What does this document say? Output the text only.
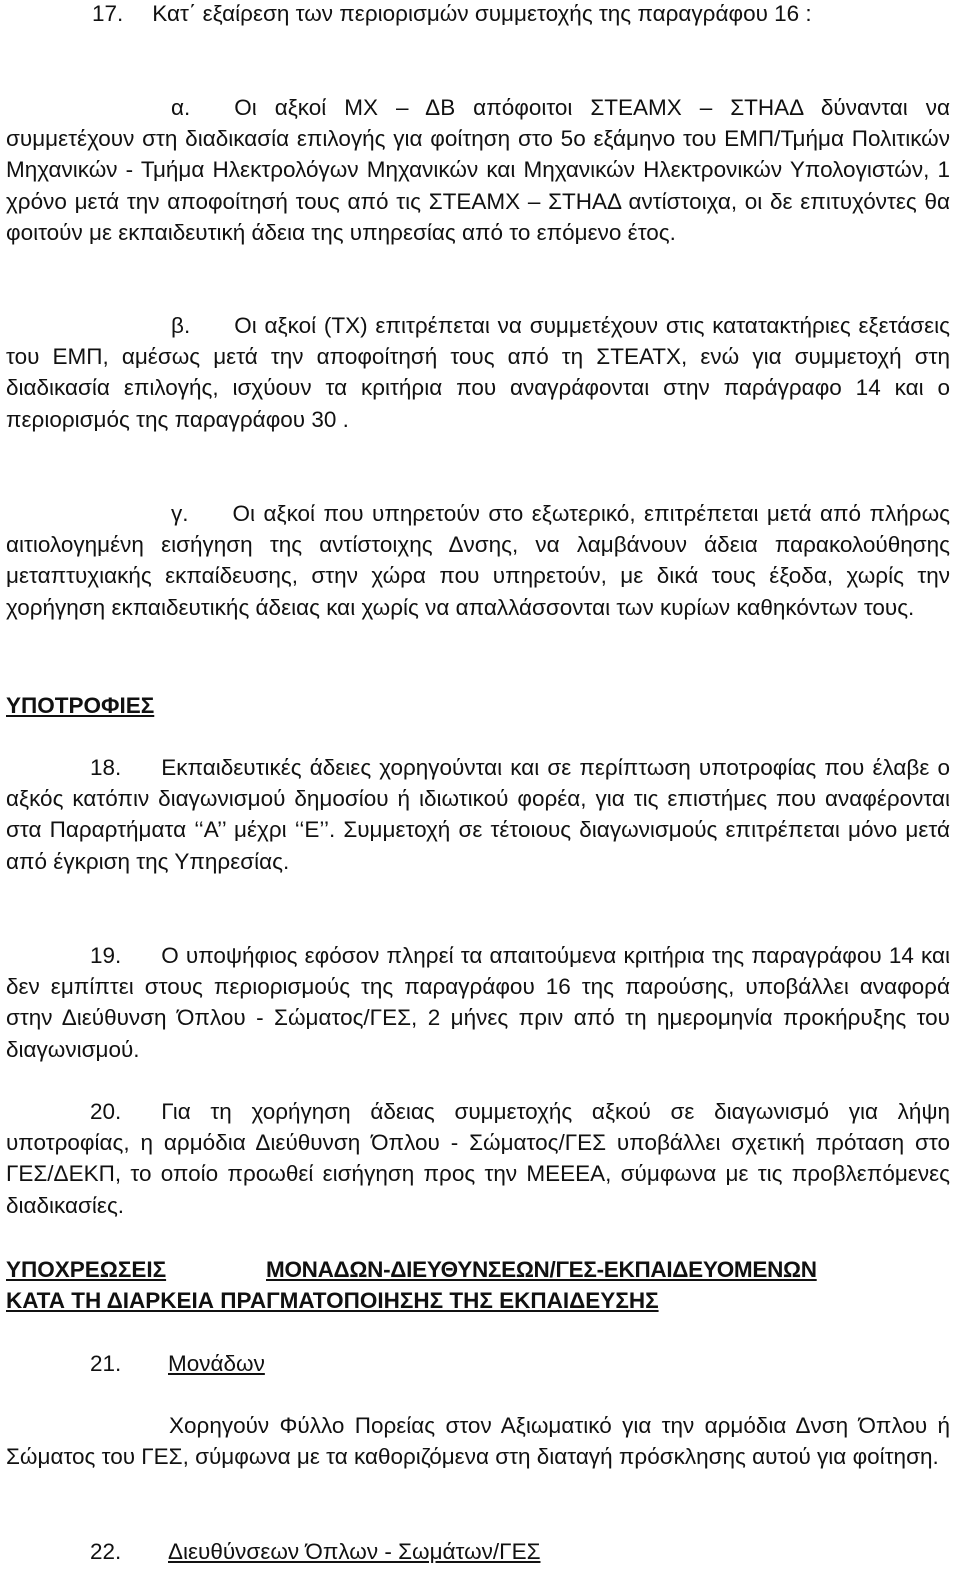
17. Κατ΄ εξαίρεση των περιορισμών συμμετοχής της παραγράφου 16 :

α. Οι αξκοί ΜΧ – ΔΒ απόφοιτοι ΣΤΕΑΜΧ – ΣΤΗΑΔ δύνανται να συμμετέχουν στη διαδικασία επιλογής για φοίτηση στο 5ο εξάμηνο του ΕΜΠ/Τμήμα Πολιτικών Μηχανικών - Τμήμα Ηλεκτρολόγων Μηχανικών και Μηχανικών Ηλεκτρονικών Υπολογιστών, 1 χρόνο μετά την αποφοίτησή τους από τις ΣΤΕΑΜΧ – ΣΤΗΑΔ αντίστοιχα, οι δε επιτυχόντες θα φοιτούν με εκπαιδευτική άδεια της υπηρεσίας από το επόμενο έτος.

β. Οι αξκοί (ΤΧ) επιτρέπεται να συμμετέχουν στις κατατακτήριες εξετάσεις του ΕΜΠ, αμέσως μετά την αποφοίτησή τους από τη ΣΤΕΑΤΧ, ενώ για συμμετοχή στη διαδικασία επιλογής, ισχύουν τα κριτήρια που αναγράφονται στην παράγραφο 14 και ο περιορισμός της παραγράφου 30 .

γ. Οι αξκοί που υπηρετούν στο εξωτερικό, επιτρέπεται μετά από πλήρως αιτιολογημένη εισήγηση της αντίστοιχης Δνσης, να λαμβάνουν άδεια παρακολούθησης μεταπτυχιακής εκπαίδευσης, στην χώρα που υπηρετούν, με δικά τους έξοδα, χωρίς την χορήγηση εκπαιδευτικής άδειας και χωρίς να απαλλάσσονται των κυρίων καθηκόντων τους.

ΥΠΟΤΡΟΦΙΕΣ

18. Εκπαιδευτικές άδειες χορηγούνται και σε περίπτωση υποτροφίας που έλαβε ο αξκός κατόπιν διαγωνισμού δημοσίου ή ιδιωτικού φορέα, για τις επιστήμες που αναφέρονται στα Παραρτήματα ‘‘Α’’ μέχρι ‘‘Ε’’. Συμμετοχή σε τέτοιους διαγωνισμούς επιτρέπεται μόνο μετά από έγκριση της Υπηρεσίας.

19. Ο υποψήφιος εφόσον πληρεί τα απαιτούμενα κριτήρια της παραγράφου 14 και δεν εμπίπτει στους περιορισμούς της παραγράφου 16 της παρούσης, υποβάλλει αναφορά στην Διεύθυνση Όπλου - Σώματος/ΓΕΣ, 2 μήνες πριν από τη ημερομηνία προκήρυξης του διαγωνισμού.

20. Για τη χορήγηση άδειας συμμετοχής αξκού σε διαγωνισμό για λήψη υποτροφίας, η αρμόδια Διεύθυνση Όπλου - Σώματος/ΓΕΣ υποβάλλει σχετική πρόταση στο ΓΕΣ/ΔΕΚΠ, το οποίο προωθεί εισήγηση προς την ΜΕΕΕΑ, σύμφωνα με τις προβλεπόμενες διαδικασίες.

ΥΠΟΧΡΕΩΣΕΙΣ	ΜΟΝΑΔΩΝ-ΔΙΕΥΘΥΝΣΕΩΝ/ΓΕΣ-ΕΚΠΑΙΔΕΥΟΜΕΝΩΝ

ΚΑΤΑ ΤΗ ΔΙΑΡΚΕΙΑ ΠΡΑΓΜΑΤΟΠΟΙΗΣΗΣ ΤΗΣ ΕΚΠΑΙΔΕΥΣΗΣ

21. Μονάδων

Χορηγούν Φύλλο Πορείας στον Αξιωματικό για την αρμόδια Δνση Όπλου ή Σώματος του ΓΕΣ, σύμφωνα με τα καθοριζόμενα στη διαταγή πρόσκλησης αυτού για φοίτηση.

22. Διευθύνσεων Όπλων - Σωμάτων/ΓΕΣ
